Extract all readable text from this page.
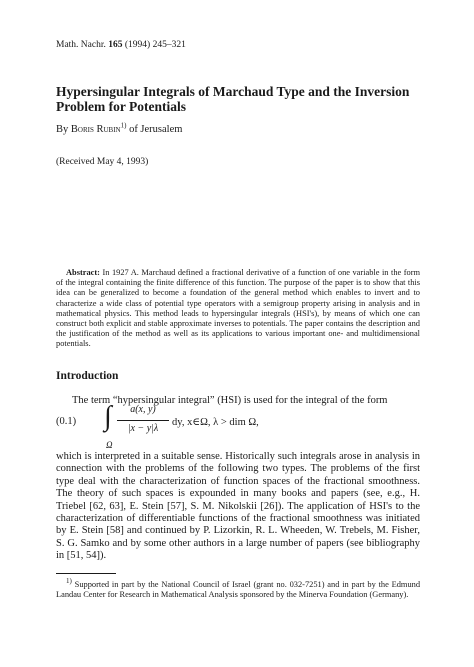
Math. Nachr. 165 (1994) 245–321
Hypersingular Integrals of Marchaud Type and the Inversion Problem for Potentials
By Boris Rubin$^{1)}$ of Jerusalem
(Received May 4, 1993)

Abstract: In 1927 A. Marchaud defined a fractional derivative of a function of one variable in the form of the integral containing the finite difference of this function. The purpose of the paper is to show that this idea can be generalized to become a foundation of the general method which enables to invert and to characterize a wide class of potential type operators with a semigroup property arising in analysis and in mathematical physics. This method leads to hypersingular integrals (HSI's), by means of which one can construct both explicit and stable approximate inverses to potentials. The paper contains the description and the justification of the method as well as its applications to various important one- and multidimensional potentials.

Introduction

The term “hypersingular integral” (HSI) is used for the integral of the form

(0.1) ∫
Ω
a(x, y)
|x − y|λ
dy, x∈Ω, λ > dim Ω,

which is interpreted in a suitable sense. Historically such integrals arose in analysis in connection with the problems of the following two types. The problems of the first type deal with the characterization of function spaces of the fractional smoothness. The theory of such spaces is expounded in many books and papers (see, e.g., H. Triebel [62, 63], E. Stein [57], S. M. Nikolskii [26]). The application of HSI's to the characterization of differentiable functions of the fractional smoothness was initiated by E. Stein [58] and continued by P. Lizorkin, R. L. Wheeden, W. Trebels, M. Fisher, S. G. Samko and by some other authors in a large number of papers (see bibliography in [51, 54]).

$^{1)}$ Supported in part by the National Council of Israel (grant no. 032-7251) and in part by the Edmund Landau Center for Research in Mathematical Analysis sponsored by the Minerva Foundation (Germany).
